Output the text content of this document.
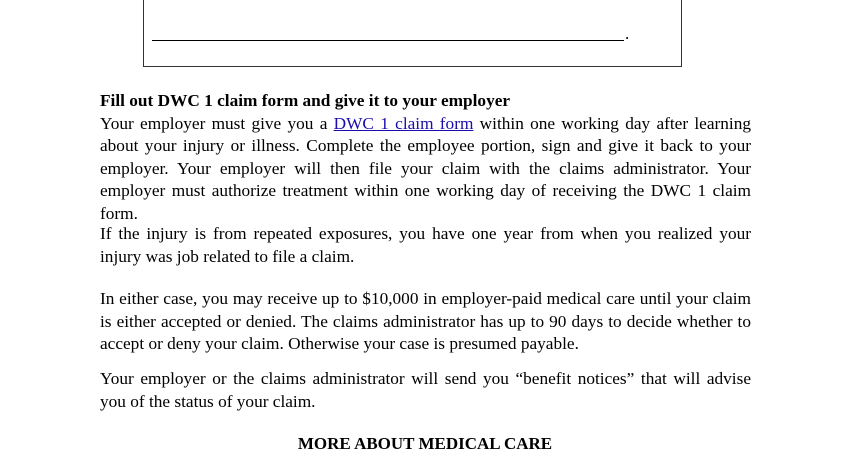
.
Fill out DWC 1 claim form and give it to your employer
Your employer must give you a DWC 1 claim form within one working day after learning about your injury or illness. Complete the employee portion, sign and give it back to your employer. Your employer will then file your claim with the claims administrator. Your employer must authorize treatment within one working day of receiving the DWC 1 claim form.
If the injury is from repeated exposures, you have one year from when you realized your injury was job related to file a claim.
In either case, you may receive up to $10,000 in employer-paid medical care until your claim is either accepted or denied. The claims administrator has up to 90 days to decide whether to accept or deny your claim. Otherwise your case is presumed payable.
Your employer or the claims administrator will send you “benefit notices” that will advise you of the status of your claim.
MORE ABOUT MEDICAL CARE
